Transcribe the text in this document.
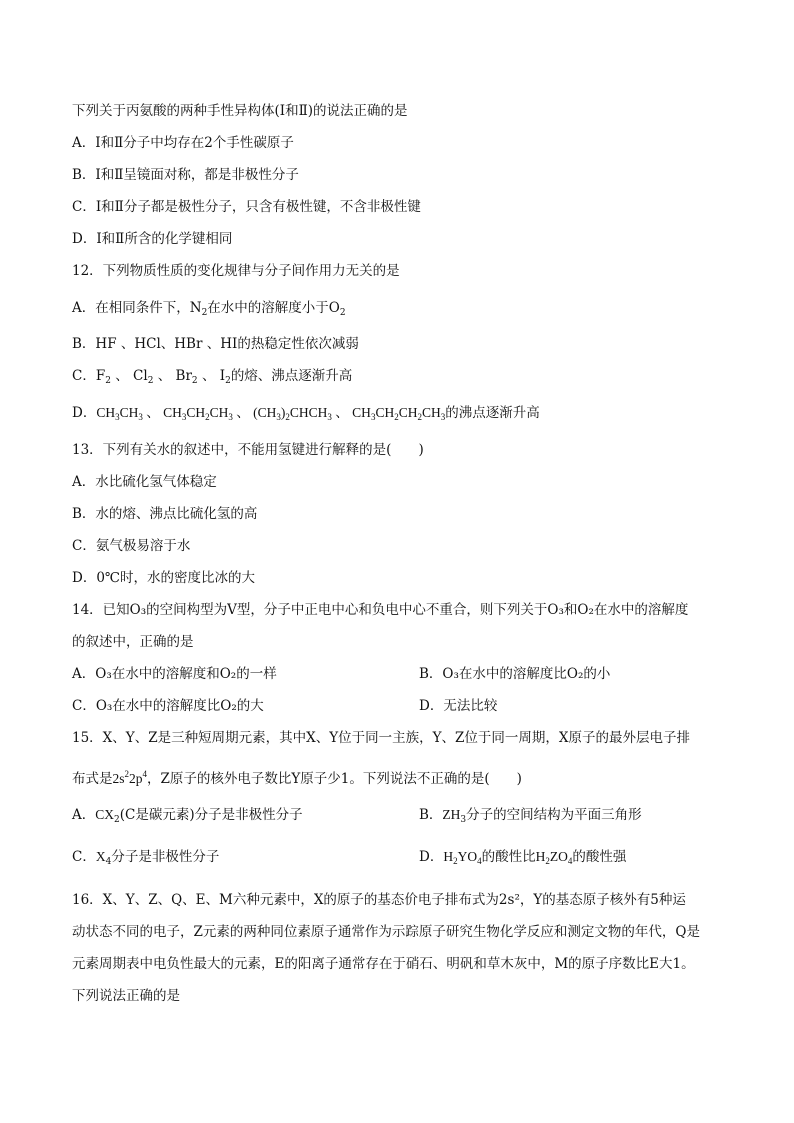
下列关于丙氨酸的两种手性异构体(Ⅰ和Ⅱ)的说法正确的是
A．Ⅰ和Ⅱ分子中均存在2个手性碳原子
B．Ⅰ和Ⅱ呈镜面对称，都是非极性分子
C．Ⅰ和Ⅱ分子都是极性分子，只含有极性键，不含非极性键
D．Ⅰ和Ⅱ所含的化学键相同
12．下列物质性质的变化规律与分子间作用力无关的是
A．在相同条件下，$N_2$在水中的溶解度小于$O_2$
B．HF 、HCl、HBr 、HI的热稳定性依次减弱
C．$F_2$ 、 $Cl_2$ 、 $Br_2$ 、 $I_2$的熔、沸点逐渐升高
D．$CH_3CH_3$ 、 $CH_3CH_2CH_3$ 、 $(CH_3)_2CHCH_3$ 、 $CH_3CH_2CH_2CH_3$的沸点逐渐升高
13．下列有关水的叙述中，不能用氢键进行解释的是(　　)
A．水比硫化氢气体稳定
B．水的熔、沸点比硫化氢的高
C．氨气极易溶于水
D．0℃时，水的密度比冰的大
14．已知O₃的空间构型为V型，分子中正电中心和负电中心不重合，则下列关于O₃和O₂在水中的溶解度
的叙述中，正确的是
A．O₃在水中的溶解度和O₂的一样	B．O₃在水中的溶解度比O₂的小
C．O₃在水中的溶解度比O₂的大	D．无法比较
15．X、Y、Z是三种短周期元素，其中X、Y位于同一主族，Y、Z位于同一周期，X原子的最外层电子排
布式是$2s^22p^4$，Z原子的核外电子数比Y原子少1。下列说法不正确的是(　　)
A．$CX_2(C$是碳元素)分子是非极性分子	B．$ZH_3$分子的空间结构为平面三角形
C．$X_4$分子是非极性分子	D．$H_2YO_4$的酸性比$H_2ZO_4$的酸性强
16．X、Y、Z、Q、E、M六种元素中，X的原子的基态价电子排布式为2s²，Y的基态原子核外有5种运
动状态不同的电子，Z元素的两种同位素原子通常作为示踪原子研究生物化学反应和测定文物的年代，Q是
元素周期表中电负性最大的元素，E的阳离子通常存在于硝石、明矾和草木灰中，M的原子序数比E大1。
下列说法正确的是
